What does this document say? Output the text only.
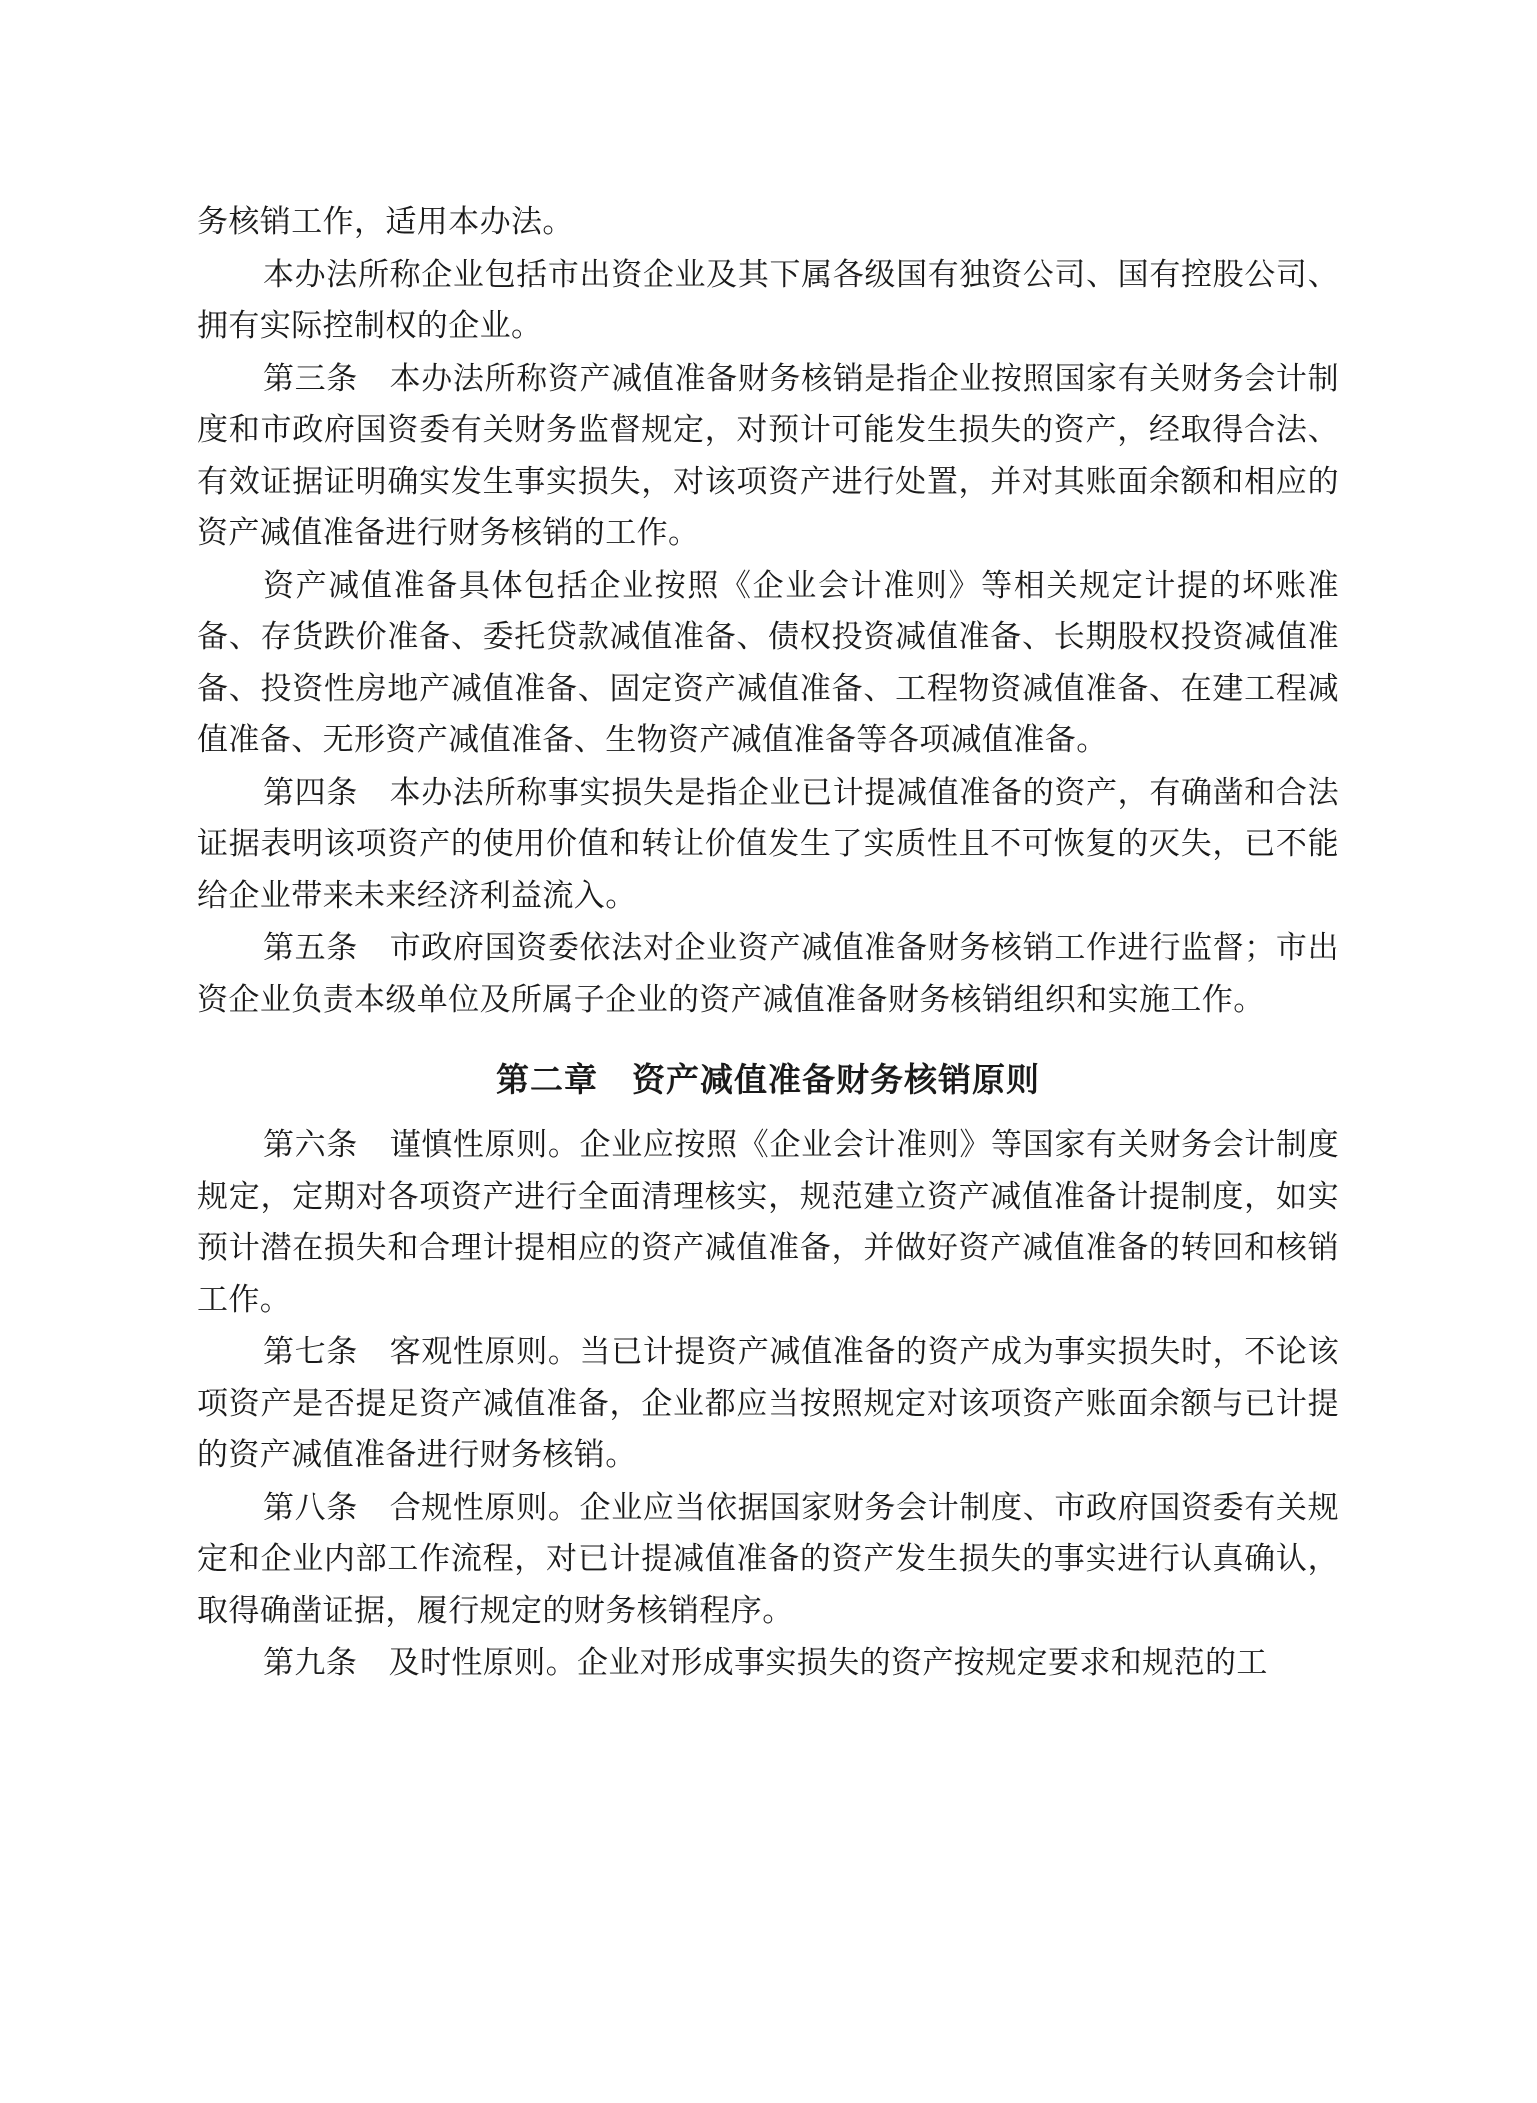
务核销工作，适用本办法。

本办法所称企业包括市出资企业及其下属各级国有独资公司、国有控股公司、拥有实际控制权的企业。

第三条　本办法所称资产减值准备财务核销是指企业按照国家有关财务会计制度和市政府国资委有关财务监督规定，对预计可能发生损失的资产，经取得合法、有效证据证明确实发生事实损失，对该项资产进行处置，并对其账面余额和相应的资产减值准备进行财务核销的工作。

资产减值准备具体包括企业按照《企业会计准则》等相关规定计提的坏账准备、存货跌价准备、委托贷款减值准备、债权投资减值准备、长期股权投资减值准备、投资性房地产减值准备、固定资产减值准备、工程物资减值准备、在建工程减值准备、无形资产减值准备、生物资产减值准备等各项减值准备。

第四条　本办法所称事实损失是指企业已计提减值准备的资产，有确凿和合法证据表明该项资产的使用价值和转让价值发生了实质性且不可恢复的灭失，已不能给企业带来未来经济利益流入。

第五条　市政府国资委依法对企业资产减值准备财务核销工作进行监督；市出资企业负责本级单位及所属子企业的资产减值准备财务核销组织和实施工作。

第二章　资产减值准备财务核销原则

第六条　谨慎性原则。企业应按照《企业会计准则》等国家有关财务会计制度规定，定期对各项资产进行全面清理核实，规范建立资产减值准备计提制度，如实预计潜在损失和合理计提相应的资产减值准备，并做好资产减值准备的转回和核销工作。

第七条　客观性原则。当已计提资产减值准备的资产成为事实损失时，不论该项资产是否提足资产减值准备，企业都应当按照规定对该项资产账面余额与已计提的资产减值准备进行财务核销。

第八条　合规性原则。企业应当依据国家财务会计制度、市政府国资委有关规定和企业内部工作流程，对已计提减值准备的资产发生损失的事实进行认真确认，取得确凿证据，履行规定的财务核销程序。

第九条　及时性原则。企业对形成事实损失的资产按规定要求和规范的工
